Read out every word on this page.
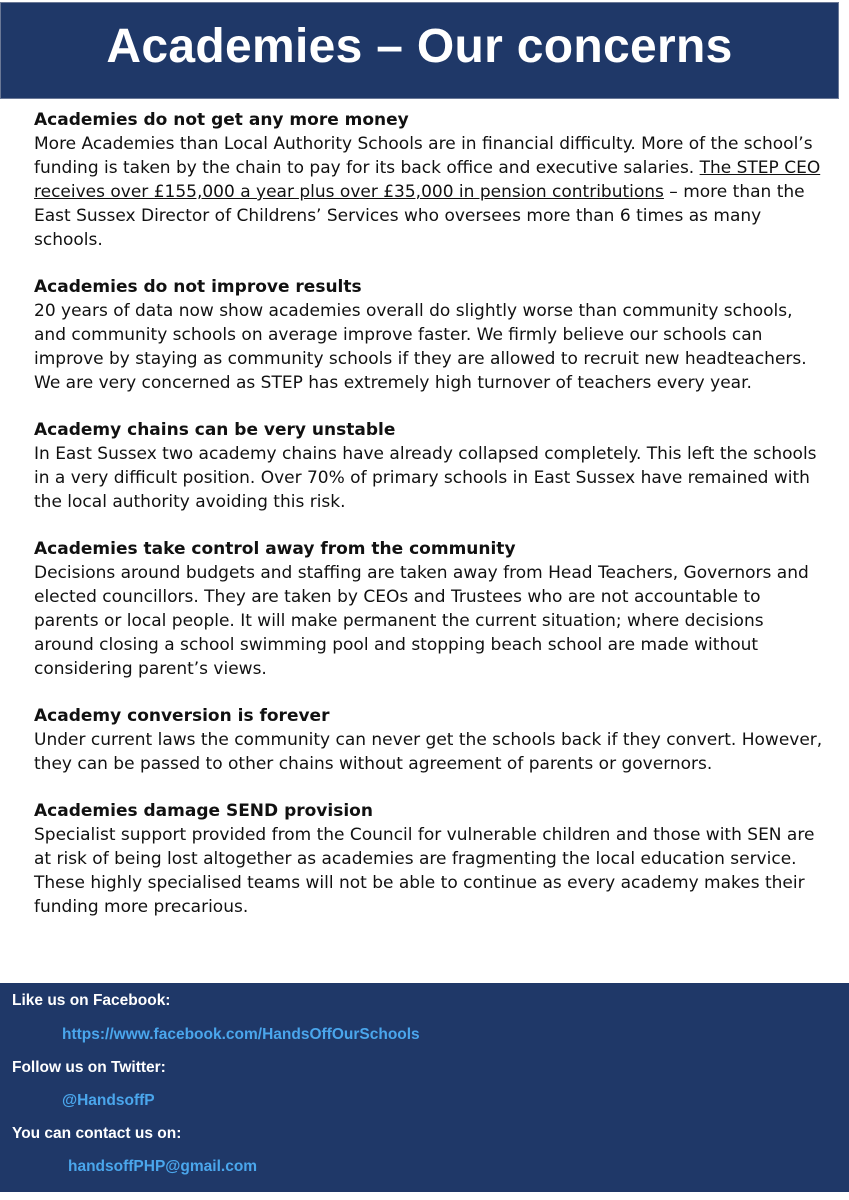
Academies – Our concerns
Academies do not get any more money

More Academies than Local Authority Schools are in financial difficulty. More of the school’s funding is taken by the chain to pay for its back office and executive salaries. The STEP CEO receives over £155,000 a year plus over £35,000 in pension contributions – more than the East Sussex Director of Childrens’ Services who oversees more than 6 times as many schools.

Academies do not improve results

20 years of data now show academies overall do slightly worse than community schools, and community schools on average improve faster. We firmly believe our schools can improve by staying as community schools if they are allowed to recruit new headteachers. We are very concerned as STEP has extremely high turnover of teachers every year.

Academy chains can be very unstable

In East Sussex two academy chains have already collapsed completely. This left the schools in a very difficult position. Over 70% of primary schools in East Sussex have remained with the local authority avoiding this risk.

Academies take control away from the community

Decisions around budgets and staffing are taken away from Head Teachers, Governors and elected councillors. They are taken by CEOs and Trustees who are not accountable to parents or local people. It will make permanent the current situation; where decisions around closing a school swimming pool and stopping beach school are made without considering parent’s views.

Academy conversion is forever

Under current laws the community can never get the schools back if they convert. However, they can be passed to other chains without agreement of parents or governors.

Academies damage SEND provision

Specialist support provided from the Council for vulnerable children and those with SEN are at risk of being lost altogether as academies are fragmenting the local education service. These highly specialised teams will not be able to continue as every academy makes their funding more precarious.

Like us on Facebook:
https://www.facebook.com/HandsOffOurSchools
Follow us on Twitter:
@HandsoffP
You can contact us on:
handsoffPHP@gmail.com
